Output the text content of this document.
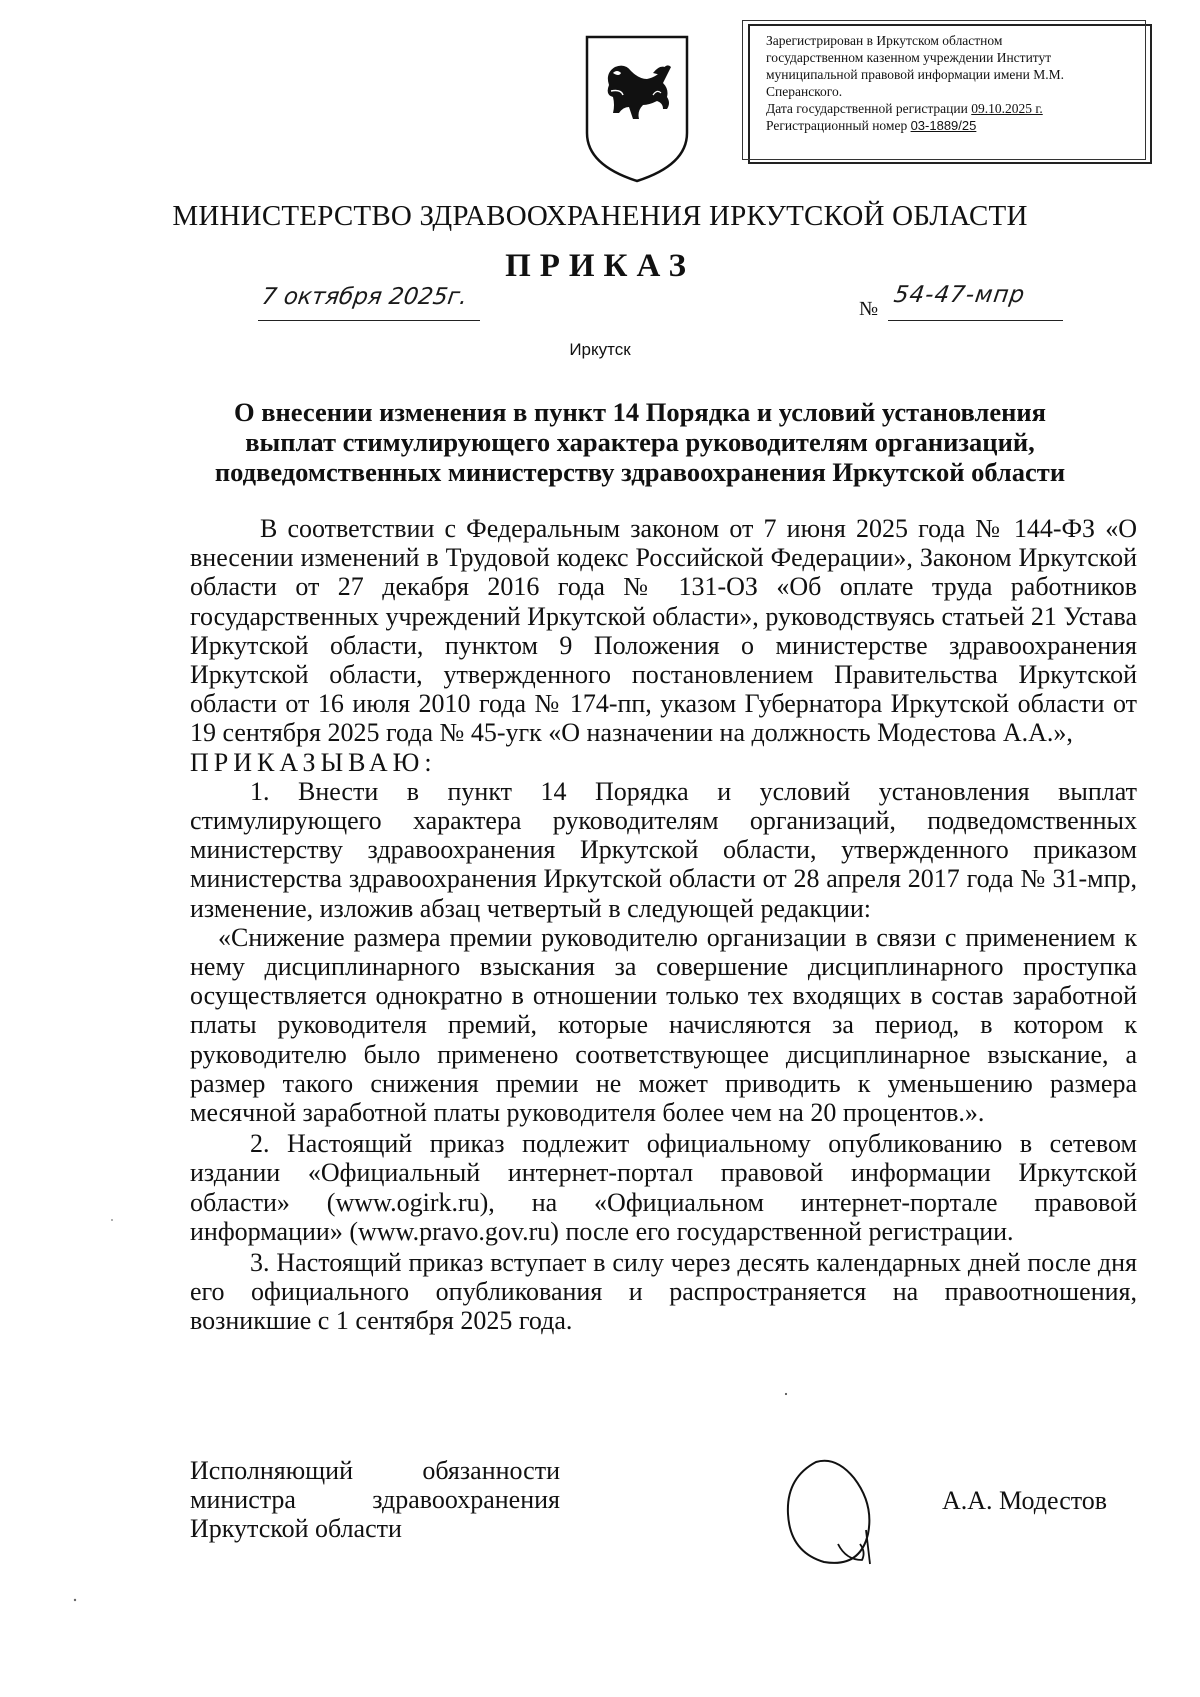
Зарегистрирован в Иркутском областном
государственном казенном учреждении Институт
муниципальной правовой информации имени М.М.
Сперанского.
Дата государственной регистрации 09.10.2025 г.
Регистрационный номер 03-1889/25
МИНИСТЕРСТВО ЗДРАВООХРАНЕНИЯ ИРКУТСКОЙ ОБЛАСТИ
ПРИКАЗ
7 октября 2025г.	№
54-47-мпр
Иркутск
О внесении изменения в пункт 14 Порядка и условий установления
выплат стимулирующего характера руководителям организаций,
подведомственных министерству здравоохранения Иркутской области

В соответствии с Федеральным законом от 7 июня 2025 года № 144-ФЗ «О внесении изменений в Трудовой кодекс Российской Федерации», Законом Иркутской области от 27 декабря 2016 года № 131-ОЗ «Об оплате труда работников государственных учреждений Иркутской области», руководствуясь статьей 21 Устава Иркутской области, пунктом 9 Положения о министерстве здравоохранения Иркутской области, утвержденного постановлением Правительства Иркутской области от 16 июля 2010 года № 174-пп, указом Губернатора Иркутской области от 19 сентября 2025 года № 45-угк «О назначении на должность Модестова А.А.»,

ПРИКАЗЫВАЮ:

1. Внести в пункт 14 Порядка и условий установления выплат стимулирующего характера руководителям организаций, подведомственных министерству здравоохранения Иркутской области, утвержденного приказом министерства здравоохранения Иркутской области от 28 апреля 2017 года № 31-мпр, изменение, изложив абзац четвертый в следующей редакции:

«Снижение размера премии руководителю организации в связи с применением к нему дисциплинарного взыскания за совершение дисциплинарного проступка осуществляется однократно в отношении только тех входящих в состав заработной платы руководителя премий, которые начисляются за период, в котором к руководителю было применено соответствующее дисциплинарное взыскание, а размер такого снижения премии не может приводить к уменьшению размера месячной заработной платы руководителя более чем на 20 процентов.».

2. Настоящий приказ подлежит официальному опубликованию в сетевом издании «Официальный интернет-портал правовой информации Иркутской области» (www.ogirk.ru), на «Официальном интернет-портале правовой информации» (www.pravo.gov.ru) после его государственной регистрации.

3. Настоящий приказ вступает в силу через десять календарных дней после дня его официального опубликования и распространяется на правоотношения, возникшие с 1 сентября 2025 года.

Исполняющий	обязанности
министра	здравоохранения
Иркутской области
А.А. Модестов
